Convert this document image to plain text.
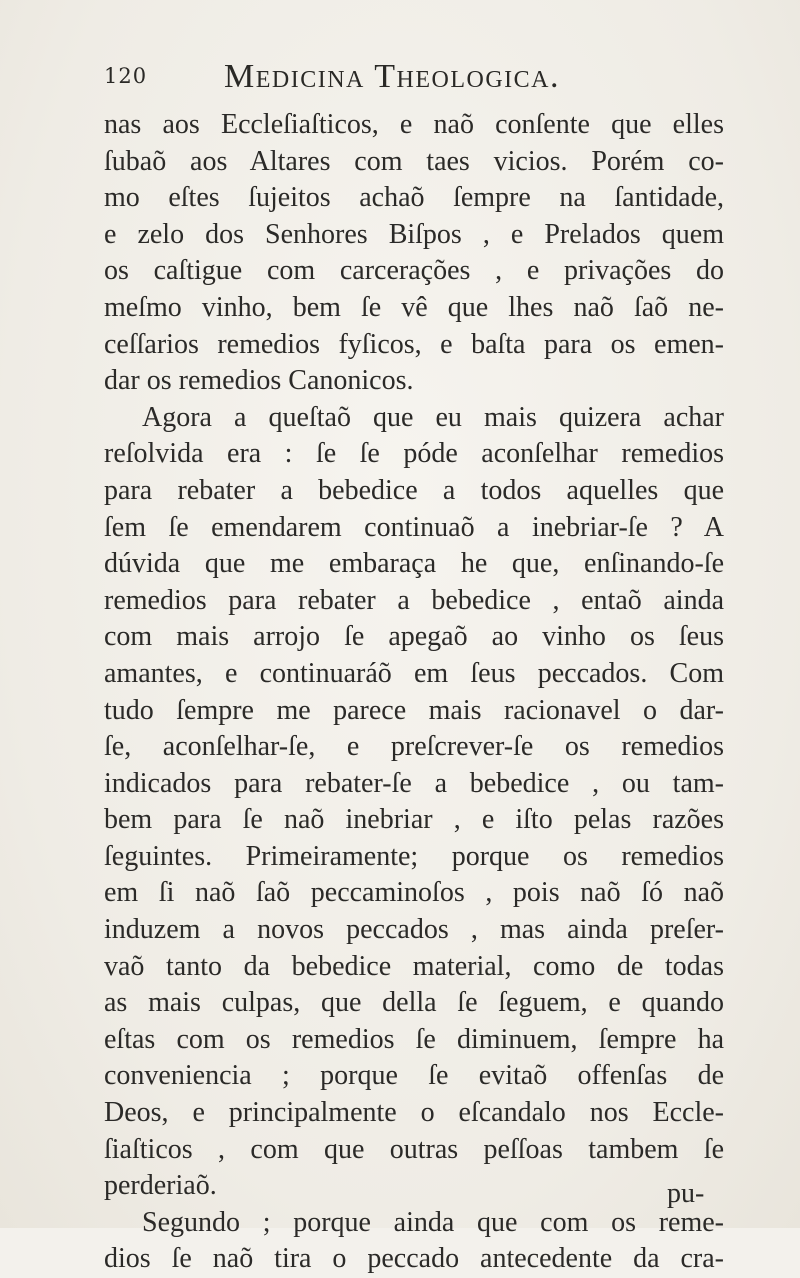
120 Medicina Theologica.
nas aos Eccleſiaſticos, e naõ conſente que elles
ſubaõ aos Altares com taes vicios. Porém co-
mo eſtes ſujeitos achaõ ſempre na ſantidade,
e zelo dos Senhores Biſpos , e Prelados quem
os caſtigue com carcerações , e privações do
meſmo vinho, bem ſe vê que lhes naõ ſaõ ne-
ceſſarios remedios fyſicos, e baſta para os emen-
dar os remedios Canonicos.
Agora a queſtaõ que eu mais quizera achar
reſolvida era : ſe ſe póde aconſelhar remedios
para rebater a bebedice a todos aquelles que
ſem ſe emendarem continuaõ a inebriar-ſe ? A
dúvida que me embaraça he que, enſinando-ſe
remedios para rebater a bebedice , entaõ ainda
com mais arrojo ſe apegaõ ao vinho os ſeus
amantes, e continuaráõ em ſeus peccados. Com
tudo ſempre me parece mais racionavel o dar-
ſe, aconſelhar-ſe, e preſcrever-ſe os remedios
indicados para rebater-ſe a bebedice , ou tam-
bem para ſe naõ inebriar , e iſto pelas razões
ſeguintes. Primeiramente; porque os remedios
em ſi naõ ſaõ peccaminoſos , pois naõ ſó naõ
induzem a novos peccados , mas ainda preſer-
vaõ tanto da bebedice material, como de todas
as mais culpas, que della ſe ſeguem, e quando
eſtas com os remedios ſe diminuem, ſempre ha
conveniencia ; porque ſe evitaõ offenſas de
Deos, e principalmente o eſcandalo nos Eccle-
ſiaſticos , com que outras peſſoas tambem ſe
perderiaõ.
Segundo ; porque ainda que com os reme-
dios ſe naõ tira o peccado antecedente da cra-
pu-
